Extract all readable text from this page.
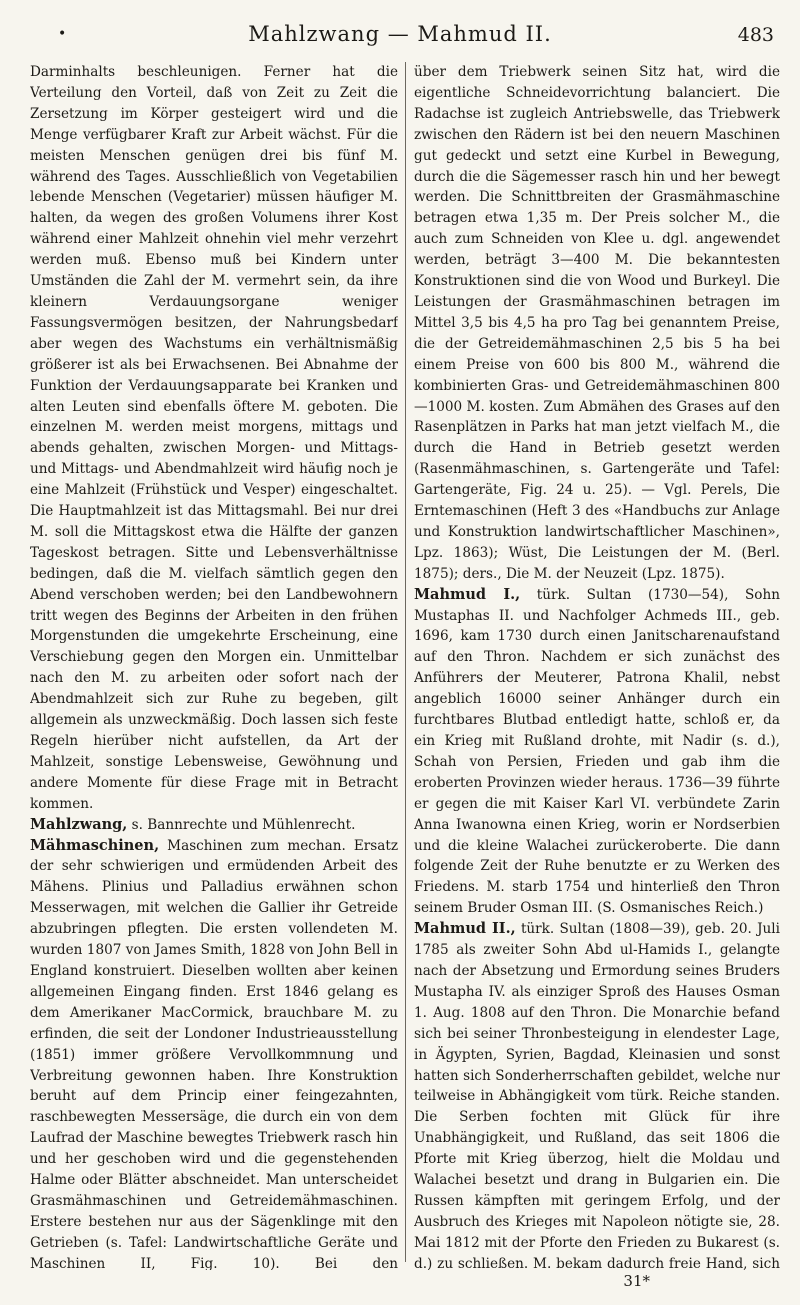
•	Mahlzwang — Mahmud II.	483

Darminhalts beschleunigen. Ferner hat die Verteilung den Vorteil, daß von Zeit zu Zeit die Zersetzung im Körper gesteigert wird und die Menge verfügbarer Kraft zur Arbeit wächst. Für die meisten Menschen genügen drei bis fünf M. während des Tages. Ausschließlich von Vegetabilien lebende Menschen (Vegetarier) müssen häufiger M. halten, da wegen des großen Volumens ihrer Kost während einer Mahlzeit ohnehin viel mehr verzehrt werden muß. Ebenso muß bei Kindern unter Umständen die Zahl der M. vermehrt sein, da ihre kleinern Verdauungsorgane weniger Fassungsvermögen besitzen, der Nahrungsbedarf aber wegen des Wachstums ein verhältnismäßig größerer ist als bei Erwachsenen. Bei Abnahme der Funktion der Verdauungsapparate bei Kranken und alten Leuten sind ebenfalls öftere M. geboten. Die einzelnen M. werden meist morgens, mittags und abends gehalten, zwischen Morgen- und Mittags- und Mittags- und Abendmahlzeit wird häufig noch je eine Mahlzeit (Frühstück und Vesper) eingeschaltet. Die Hauptmahlzeit ist das Mittagsmahl. Bei nur drei M. soll die Mittagskost etwa die Hälfte der ganzen Tageskost betragen. Sitte und Lebensverhältnisse bedingen, daß die M. vielfach sämtlich gegen den Abend verschoben werden; bei den Landbewohnern tritt wegen des Beginns der Arbeiten in den frühen Morgenstunden die umgekehrte Erscheinung, eine Verschiebung gegen den Morgen ein. Unmittelbar nach den M. zu arbeiten oder sofort nach der Abendmahlzeit sich zur Ruhe zu begeben, gilt allgemein als unzweckmäßig. Doch lassen sich feste Regeln hierüber nicht aufstellen, da Art der Mahlzeit, sonstige Lebensweise, Gewöhnung und andere Momente für diese Frage mit in Betracht kommen.

Mahlzwang, s. Bannrechte und Mühlenrecht.

Mähmaschinen, Maschinen zum mechan. Ersatz der sehr schwierigen und ermüdenden Arbeit des Mähens. Plinius und Palladius erwähnen schon Messerwagen, mit welchen die Gallier ihr Getreide abzubringen pflegten. Die ersten vollendeten M. wurden 1807 von James Smith, 1828 von John Bell in England konstruiert. Dieselben wollten aber keinen allgemeinen Eingang finden. Erst 1846 gelang es dem Amerikaner MacCormick, brauchbare M. zu erfinden, die seit der Londoner Industrieausstellung (1851) immer größere Vervollkommnung und Verbreitung gewonnen haben. Ihre Konstruktion beruht auf dem Princip einer feingezahnten, raschbewegten Messersäge, die durch ein von dem Laufrad der Maschine bewegtes Triebwerk rasch hin und her geschoben wird und die gegenstehenden Halme oder Blätter abschneidet. Man unterscheidet Grasmähmaschinen und Getreidemähmaschinen. Erstere bestehen nur aus der Sägenklinge mit den Getrieben (s. Tafel: Landwirtschaftliche Geräte und Maschinen II, Fig. 10). Bei den

über dem Triebwerk seinen Sitz hat, wird die eigentliche Schneidevorrichtung balanciert. Die Radachse ist zugleich Antriebswelle, das Triebwerk zwischen den Rädern ist bei den neuern Maschinen gut gedeckt und setzt eine Kurbel in Bewegung, durch die die Sägemesser rasch hin und her bewegt werden. Die Schnittbreiten der Grasmähmaschine betragen etwa 1,35 m. Der Preis solcher M., die auch zum Schneiden von Klee u. dgl. angewendet werden, beträgt 3—400 M. Die bekanntesten Konstruktionen sind die von Wood und Burkeyl. Die Leistungen der Grasmähmaschinen betragen im Mittel 3,5 bis 4,5 ha pro Tag bei genanntem Preise, die der Getreidemähmaschinen 2,5 bis 5 ha bei einem Preise von 600 bis 800 M., während die kombinierten Gras- und Getreidemähmaschinen 800—1000 M. kosten. Zum Abmähen des Grases auf den Rasenplätzen in Parks hat man jetzt vielfach M., die durch die Hand in Betrieb gesetzt werden (Rasenmähmaschinen, s. Gartengeräte und Tafel: Gartengeräte, Fig. 24 u. 25). — Vgl. Perels, Die Erntemaschinen (Heft 3 des «Handbuchs zur Anlage und Konstruktion landwirtschaftlicher Maschinen», Lpz. 1863); Wüst, Die Leistungen der M. (Berl. 1875); ders., Die M. der Neuzeit (Lpz. 1875).

Mahmud I., türk. Sultan (1730—54), Sohn Mustaphas II. und Nachfolger Achmeds III., geb. 1696, kam 1730 durch einen Janitscharenaufstand auf den Thron. Nachdem er sich zunächst des Anführers der Meuterer, Patrona Khalil, nebst angeblich 16000 seiner Anhänger durch ein furchtbares Blutbad entledigt hatte, schloß er, da ein Krieg mit Rußland drohte, mit Nadir (s. d.), Schah von Persien, Frieden und gab ihm die eroberten Provinzen wieder heraus. 1736—39 führte er gegen die mit Kaiser Karl VI. verbündete Zarin Anna Iwanowna einen Krieg, worin er Nordserbien und die kleine Walachei zurückeroberte. Die dann folgende Zeit der Ruhe benutzte er zu Werken des Friedens. M. starb 1754 und hinterließ den Thron seinem Bruder Osman III. (S. Osmanisches Reich.)

Mahmud II., türk. Sultan (1808—39), geb. 20. Juli 1785 als zweiter Sohn Abd ul-Hamids I., gelangte nach der Absetzung und Ermordung seines Bruders Mustapha IV. als einziger Sproß des Hauses Osman 1. Aug. 1808 auf den Thron. Die Monarchie befand sich bei seiner Thronbesteigung in elendester Lage, in Ägypten, Syrien, Bagdad, Kleinasien und sonst hatten sich Sonderherrschaften gebildet, welche nur teilweise in Abhängigkeit vom türk. Reiche standen. Die Serben fochten mit Glück für ihre Unabhängigkeit, und Rußland, das seit 1806 die Pforte mit Krieg überzog, hielt die Moldau und Walachei besetzt und drang in Bulgarien ein. Die Russen kämpften mit geringem Erfolg, und der Ausbruch des Krieges mit Napoleon nötigte sie, 28. Mai 1812 mit der Pforte den Frieden zu Bukarest (s. d.) zu schließen. M. bekam dadurch freie Hand, sich

31*
